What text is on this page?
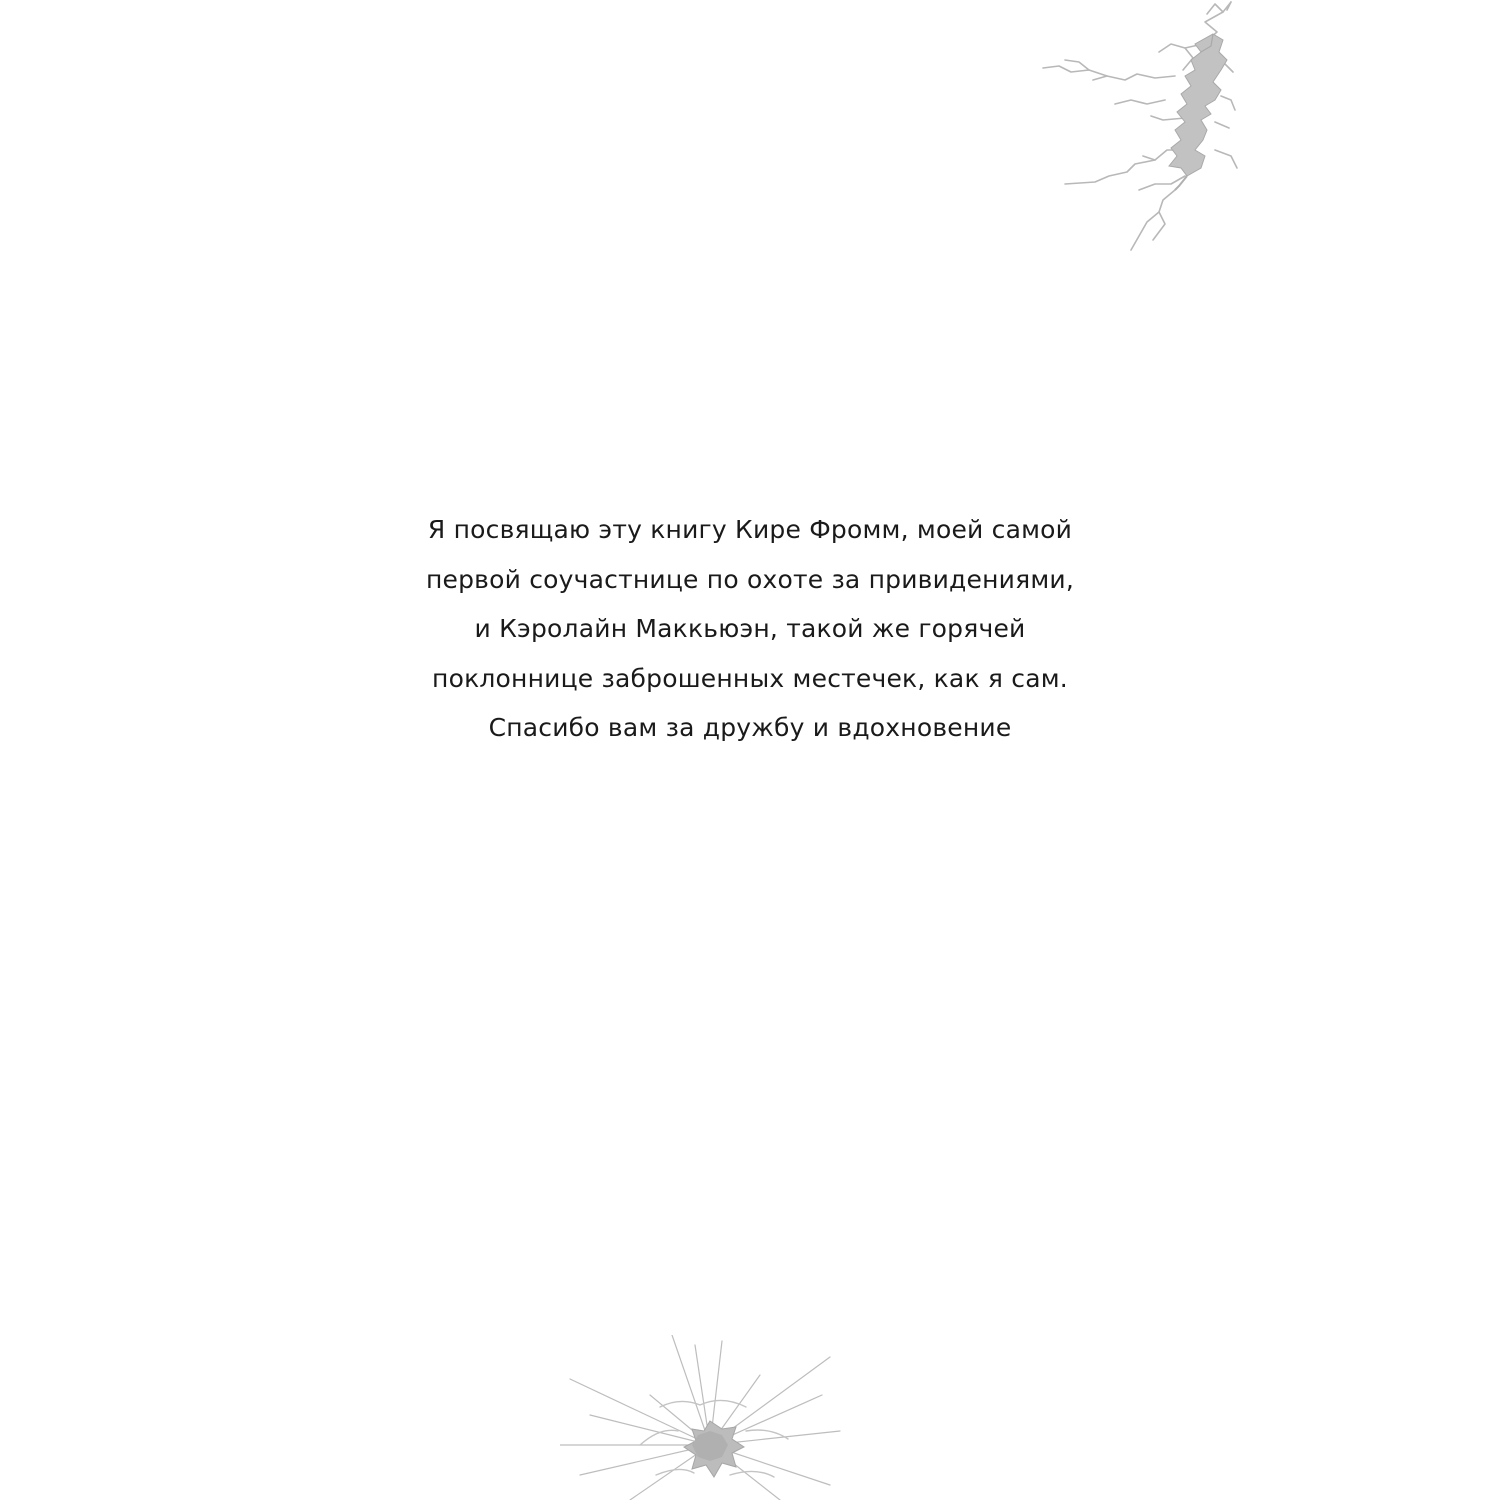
Я посвящаю эту книгу Кире Фромм, моей самой
первой соучастнице по охоте за привидениями,
и Кэролайн Маккьюэн, такой же горячей
поклоннице заброшенных местечек, как я сам.
Спасибо вам за дружбу и вдохновение
